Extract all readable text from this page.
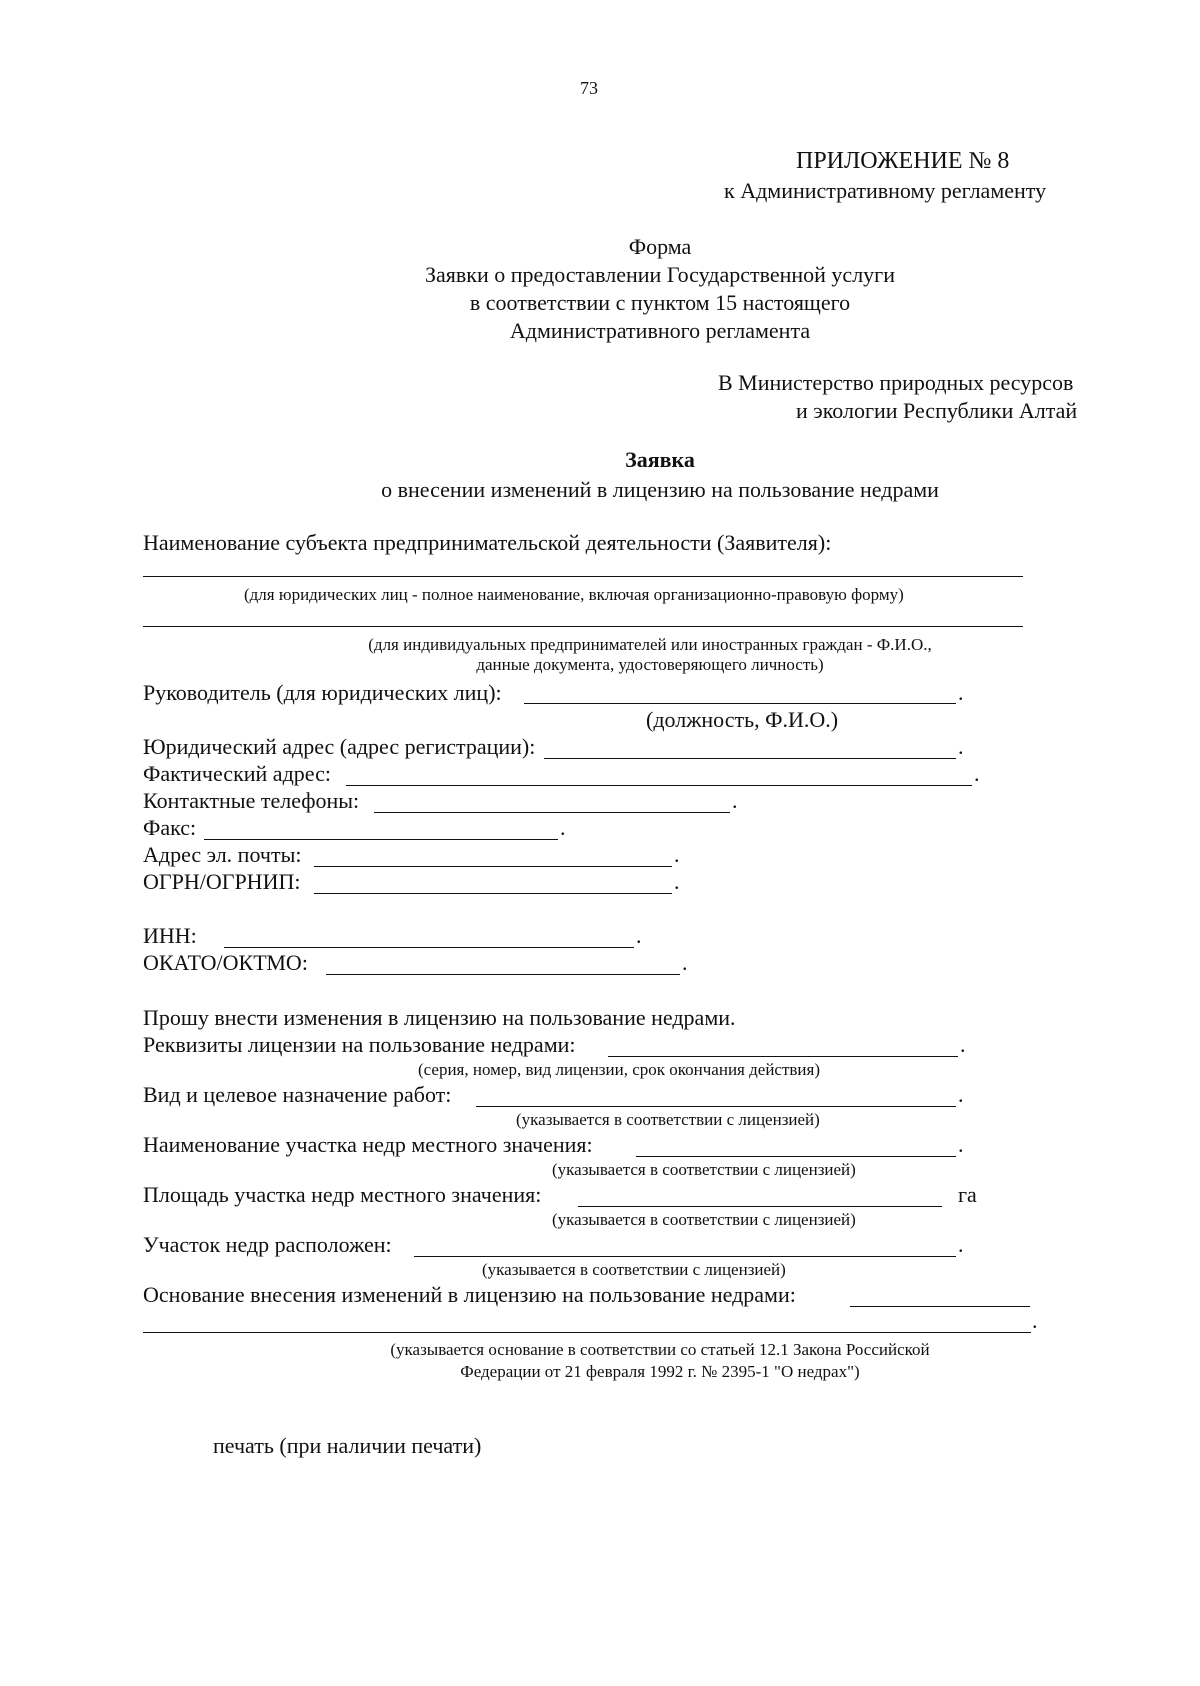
73
ПРИЛОЖЕНИЕ № 8
к Административному регламенту
Форма
Заявки о предоставлении Государственной услуги
в соответствии с пунктом 15 настоящего
Административного регламента
В Министерство природных ресурсов
и экологии Республики Алтай
Заявка
о внесении изменений в лицензию на пользование недрами
Наименование субъекта предпринимательской деятельности (Заявителя):
(для юридических лиц - полное наименование, включая организационно-правовую форму)
(для индивидуальных предпринимателей или иностранных граждан - Ф.И.О.,
данные документа, удостоверяющего личность)
Руководитель (для юридических лиц):	.
(должность, Ф.И.О.)
Юридический адрес (адрес регистрации):	.
Фактический адрес:	.
Контактные телефоны:	.
Факс:	.
Адрес эл. почты:	.
ОГРН/ОГРНИП:	.
ИНН:	.
ОКАТО/ОКТМО:	.
Прошу внести изменения в лицензию на пользование недрами.
Реквизиты лицензии на пользование недрами:	.
(серия, номер, вид лицензии, срок окончания действия)
Вид и целевое назначение работ:	.
(указывается в соответствии с лицензией)
Наименование участка недр местного значения:	.
(указывается в соответствии с лицензией)
Площадь участка недр местного значения:	га
(указывается в соответствии с лицензией)
Участок недр расположен:	.
(указывается в соответствии с лицензией)
Основание внесения изменений в лицензию на пользование недрами:
.
(указывается основание в соответствии со статьей 12.1 Закона Российской
Федерации от 21 февраля 1992 г. № 2395-1 "О недрах")
печать (при наличии печати)
